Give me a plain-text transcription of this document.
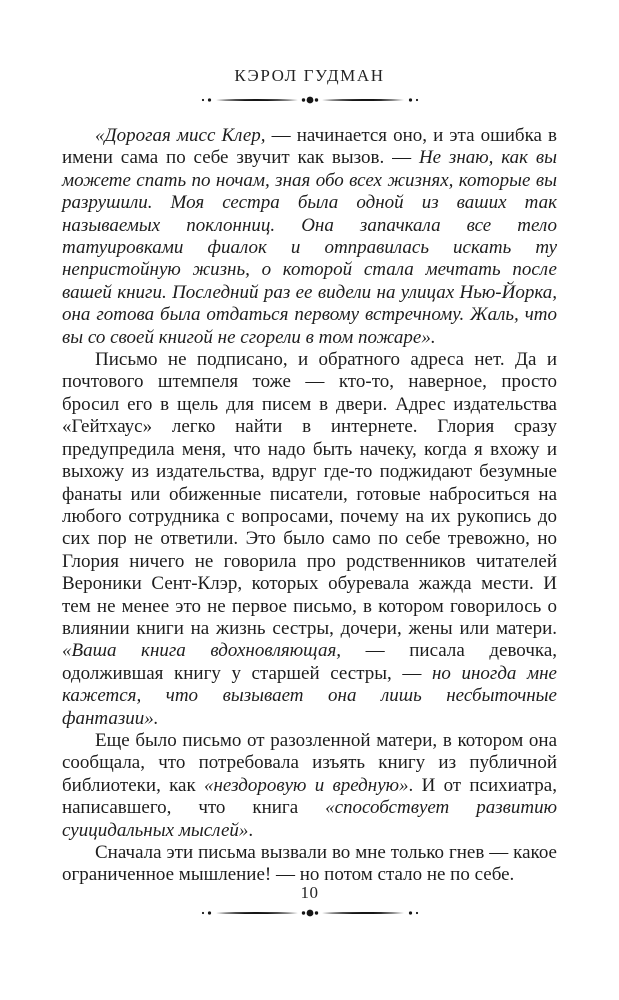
КЭРОЛ ГУДМАН

«Дорогая мисс Клер, — начинается оно, и эта ошибка в имени сама по себе звучит как вызов. — Не знаю, как вы можете спать по ночам, зная обо всех жизнях, которые вы разрушили. Моя сестра была одной из ваших так называемых поклонниц. Она запачкала все тело татуировками фиалок и отправилась искать ту непристойную жизнь, о которой стала мечтать после вашей книги. Последний раз ее видели на улицах Нью-Йорка, она готова была отдаться первому встречному. Жаль, что вы со своей книгой не сгорели в том пожаре».

Письмо не подписано, и обратного адреса нет. Да и почтового штемпеля тоже — кто-то, наверное, просто бросил его в щель для писем в двери. Адрес издательства «Гейтхаус» легко найти в интернете. Глория сразу предупредила меня, что надо быть начеку, когда я вхожу и выхожу из издательства, вдруг где-то поджидают безумные фанаты или обиженные писатели, готовые наброситься на любого сотрудника с вопросами, почему на их рукопись до сих пор не ответили. Это было само по себе тревожно, но Глория ничего не говорила про родственников читателей Вероники Сент-Клэр, которых обуревала жажда мести. И тем не менее это не первое письмо, в котором говорилось о влиянии книги на жизнь сестры, дочери, жены или матери. «Ваша книга вдохновляющая, — писала девочка, одолжившая книгу у старшей сестры, — но иногда мне кажется, что вызывает она лишь несбыточные фантазии».

Еще было письмо от разозленной матери, в котором она сообщала, что потребовала изъять книгу из публичной библиотеки, как «нездоровую и вредную». И от психиатра, написавшего, что книга «способствует развитию суицидальных мыслей».

Сначала эти письма вызвали во мне только гнев — какое ограниченное мышление! — но потом стало не по себе.

10
